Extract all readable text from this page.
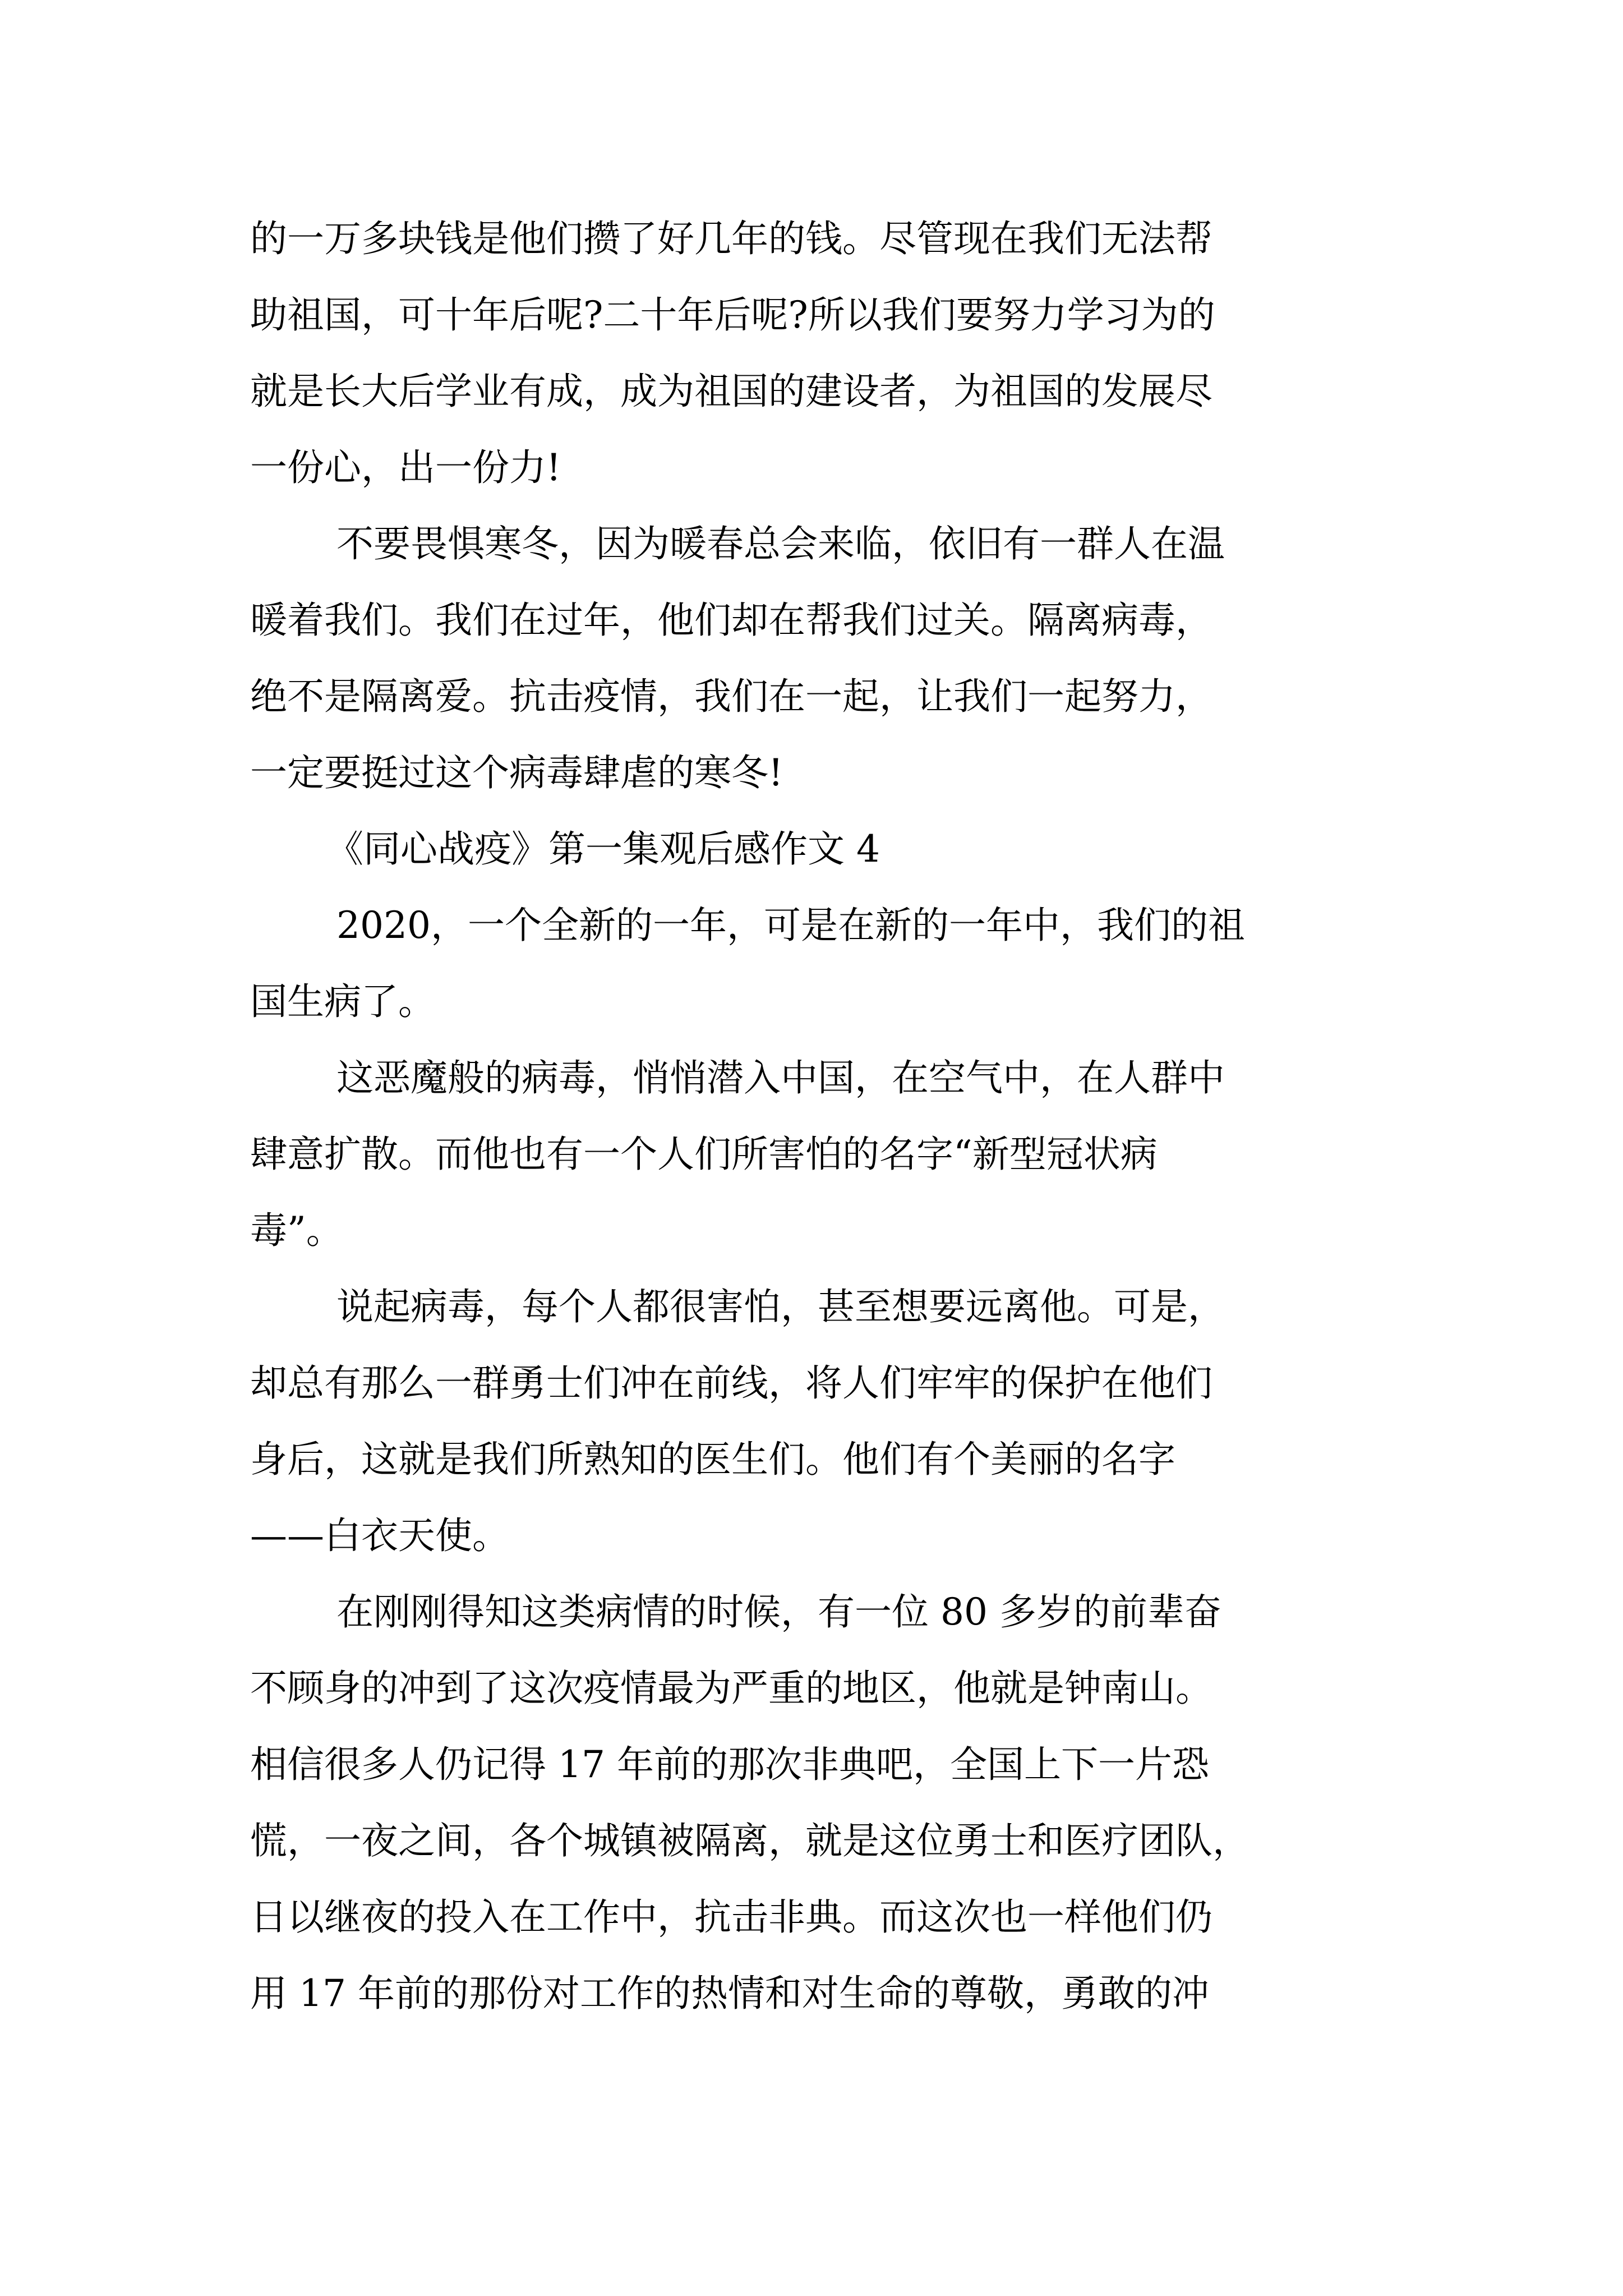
的一万多块钱是他们攒了好几年的钱。尽管现在我们无法帮

助祖国，可十年后呢?二十年后呢?所以我们要努力学习为的

就是长大后学业有成，成为祖国的建设者，为祖国的发展尽

一份心，出一份力!

不要畏惧寒冬，因为暖春总会来临，依旧有一群人在温

暖着我们。我们在过年，他们却在帮我们过关。隔离病毒，

绝不是隔离爱。抗击疫情，我们在一起，让我们一起努力，

一定要挺过这个病毒肆虐的寒冬!

《同心战疫》第一集观后感作文 4

2020，一个全新的一年，可是在新的一年中，我们的祖

国生病了。

这恶魔般的病毒，悄悄潜入中国，在空气中，在人群中

肆意扩散。而他也有一个人们所害怕的名字“新型冠状病

毒”。

说起病毒，每个人都很害怕，甚至想要远离他。可是，

却总有那么一群勇士们冲在前线，将人们牢牢的保护在他们

身后，这就是我们所熟知的医生们。他们有个美丽的名字

——白衣天使。

在刚刚得知这类病情的时候，有一位 80 多岁的前辈奋

不顾身的冲到了这次疫情最为严重的地区，他就是钟南山。

相信很多人仍记得 17 年前的那次非典吧，全国上下一片恐

慌，一夜之间，各个城镇被隔离，就是这位勇士和医疗团队，

日以继夜的投入在工作中，抗击非典。而这次也一样他们仍

用 17 年前的那份对工作的热情和对生命的尊敬，勇敢的冲
